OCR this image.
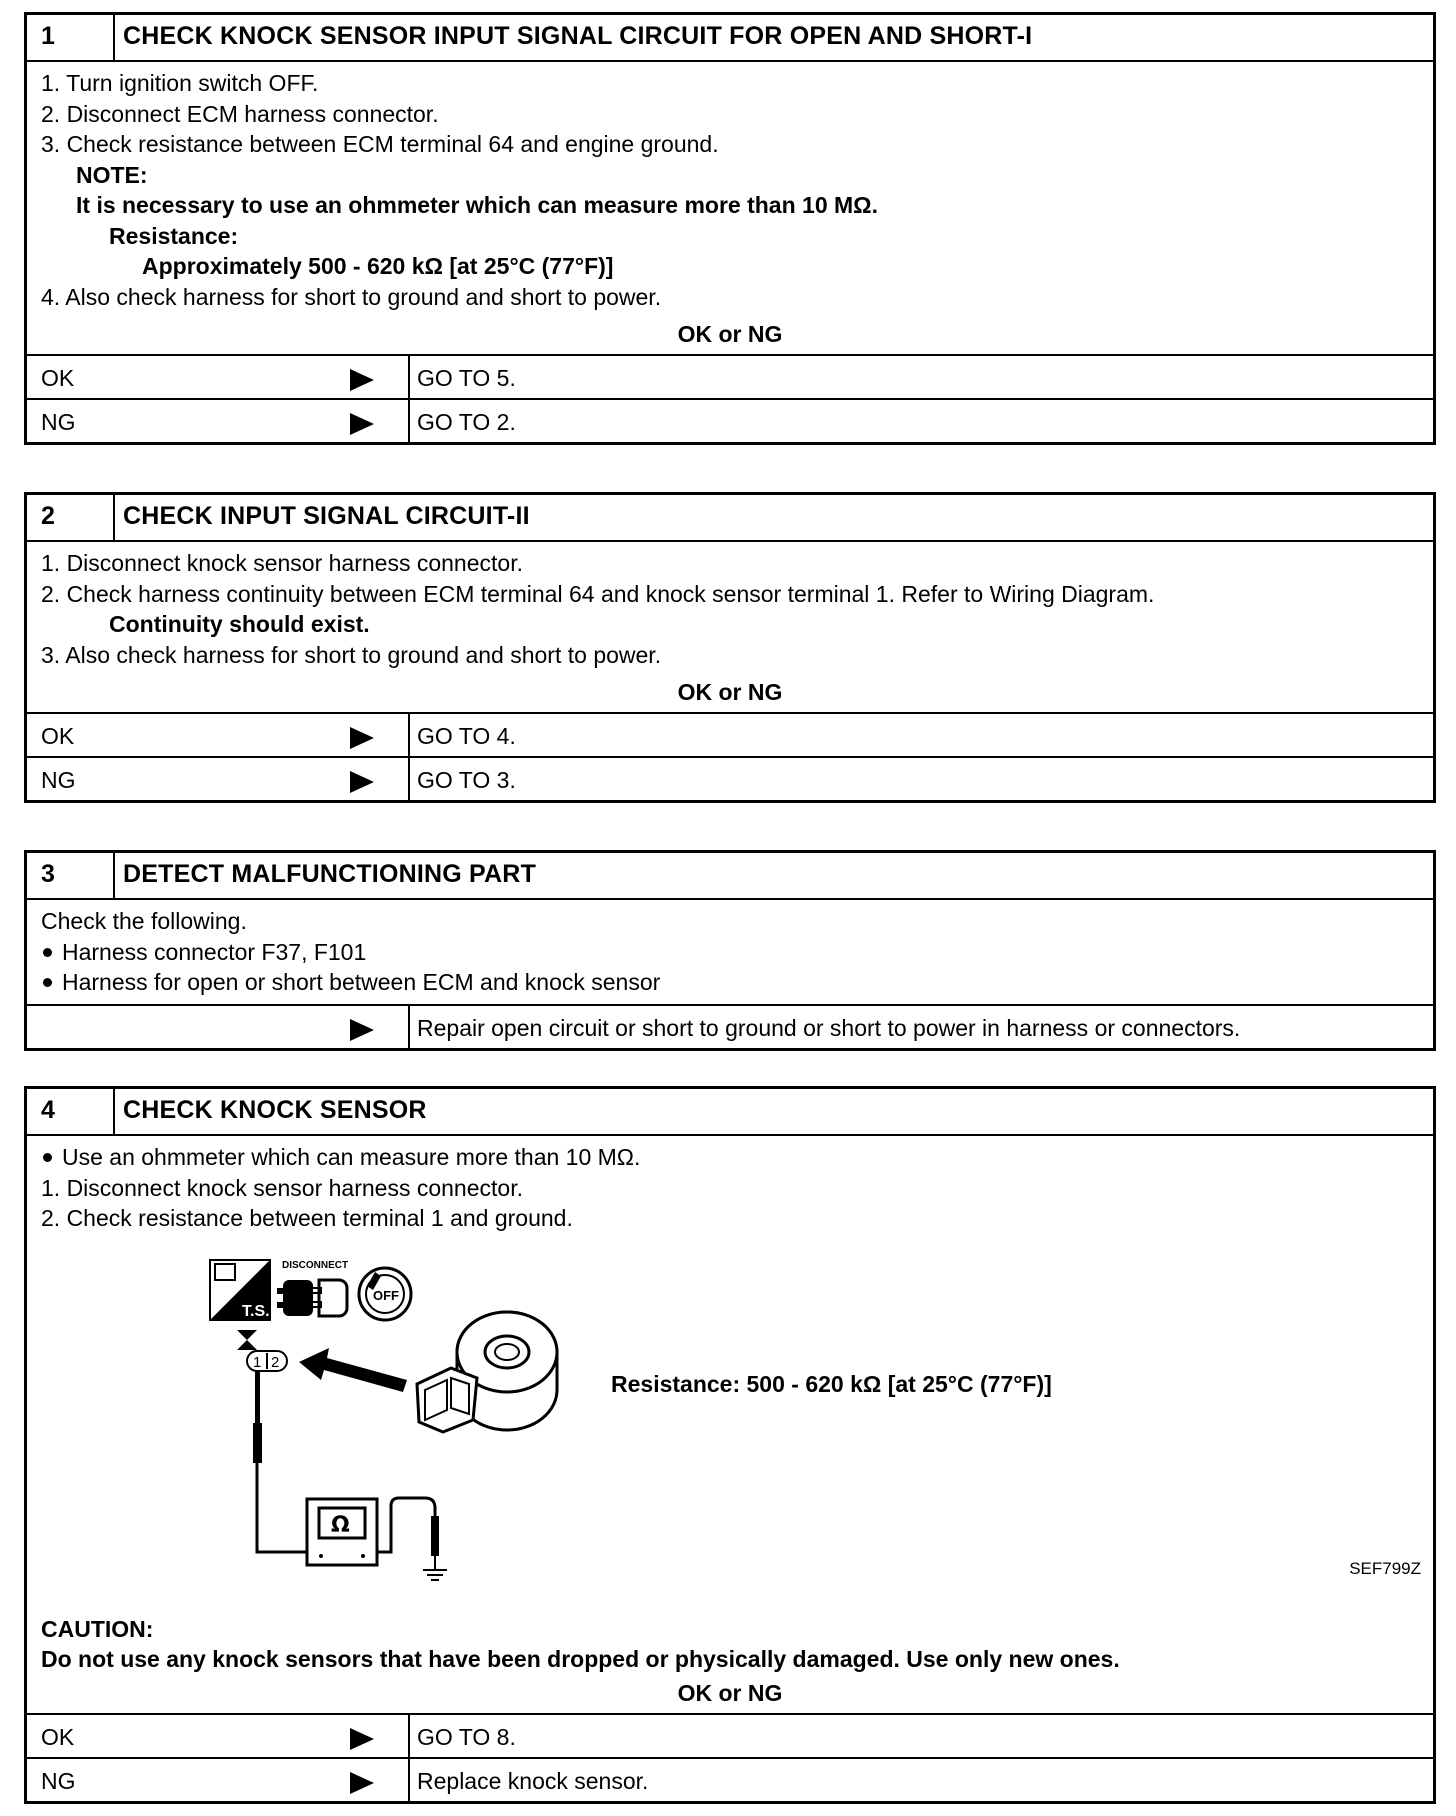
1	CHECK KNOCK SENSOR INPUT SIGNAL CIRCUIT FOR OPEN AND SHORT-I
1. Turn ignition switch OFF.
2. Disconnect ECM harness connector.
3. Check resistance between ECM terminal 64 and engine ground.
NOTE:
It is necessary to use an ohmmeter which can measure more than 10 MΩ.
Resistance:
Approximately 500 - 620 kΩ [at 25°C (77°F)]
4. Also check harness for short to ground and short to power.
OK or NG
OK	GO TO 5.
NG	GO TO 2.
2	CHECK INPUT SIGNAL CIRCUIT-II
1. Disconnect knock sensor harness connector.
2. Check harness continuity between ECM terminal 64 and knock sensor terminal 1. Refer to Wiring Diagram.
Continuity should exist.
3. Also check harness for short to ground and short to power.
OK or NG
OK	GO TO 4.
NG	GO TO 3.
3	DETECT MALFUNCTIONING PART
Check the following.
Harness connector F37, F101
Harness for open or short between ECM and knock sensor
Repair open circuit or short to ground or short to power in harness or connectors.
4	CHECK KNOCK SENSOR
Use an ohmmeter which can measure more than 10 MΩ.
1. Disconnect knock sensor harness connector.
2. Check resistance between terminal 1 and ground.
T.S.
DISCONNECT
OFF
1 2
Ω
Resistance: 500 - 620 kΩ [at 25°C (77°F)]
SEF799Z
CAUTION:
Do not use any knock sensors that have been dropped or physically damaged. Use only new ones.
OK or NG
OK	GO TO 8.
NG	Replace knock sensor.
